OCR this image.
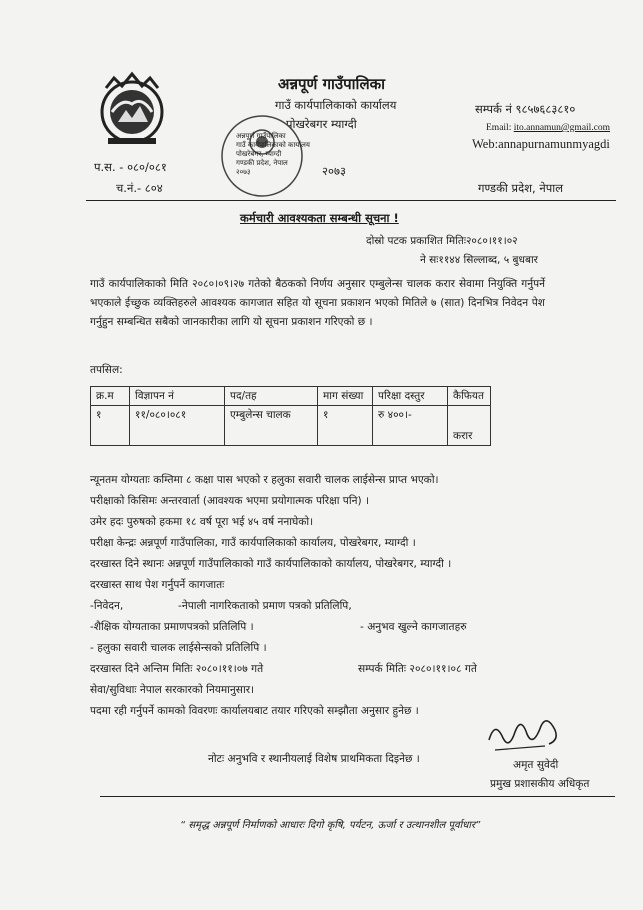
अन्नपूर्ण गाउँपालिका
गाउँ कार्यपालिकाको कार्यालय
पोखरेबगर म्याग्दी
सम्पर्क नं ९८५७६८३८१०
Email: ito.annamun@gmail.com
Web:annapurnamunmyagdi
प.स. - ०८०/०८१
च.नं.- ८०४
अन्नपूर्ण गाउँपालिका
गाउँ कार्यपालिकाको कार्यालय
पोखरेबगर, म्याग्दी
गण्डकी प्रदेश, नेपाल
२०७३	२०७३
गण्डकी प्रदेश, नेपाल
कर्मचारी आवश्यकता सम्बन्धी सूचना !
दोस्रो पटक प्रकाशित मितिः२०८०।११।०२
ने सः११४४ सिल्लाब्द, ५ बुधबार
गाउँ कार्यपालिकाको मिति २०८०।०९।२७ गतेको बैठकको निर्णय अनुसार एम्बुलेन्स चालक करार सेवामा नियुक्ति गर्नुपर्ने भएकाले ईच्छुक व्यक्तिहरुले आवश्यक कागजात सहित यो सूचना प्रकाशन भएको मितिले ७ (सात) दिनभित्र निवेदन पेश गर्नुहुन सम्बन्धित सबैको जानकारीका लागि यो सूचना प्रकाशन गरिएको छ ।
तपसिल:
क्र.म	विज्ञापन नं	पद/तह	माग संख्या	परिक्षा दस्तुर	कैफियत
१	११/०८०।०८१	एम्बुलेन्स चालक	१	रु ४००।-	करार
न्यूनतम योग्यताः कम्तिमा ८ कक्षा पास भएको र हलुका सवारी चालक लाईसेन्स प्राप्त भएको।
परीक्षाको किसिमः अन्तरवार्ता (आवश्यक भएमा प्रयोगात्मक परिक्षा पनि) ।
उमेर हदः पुरुषको हकमा १८ वर्ष पूरा भई ४५ वर्ष ननाघेको।
परीक्षा केन्द्रः अन्नपूर्ण गाउँपालिका, गाउँ कार्यपालिकाको कार्यालय, पोखरेबगर, म्याग्दी ।
दरखास्त दिने स्थानः अन्नपूर्ण गाउँपालिकाको गाउँ कार्यपालिकाको कार्यालय, पोखरेबगर, म्याग्दी ।
दरखास्त साथ पेश गर्नुपर्ने कागजातः
-निवेदन,	-नेपाली नागरिकताको प्रमाण पत्रको प्रतिलिपि,
-शैक्षिक योग्यताका प्रमाणपत्रको प्रतिलिपि ।	- अनुभव खुल्ने कागजातहरु
- हलुका सवारी चालक लाईसेन्सको प्रतिलिपि ।
दरखास्त दिने अन्तिम मितिः २०८०।११।०७ गते	सम्पर्क मितिः २०८०।११।०८ गते
सेवा/सुविधाः नेपाल सरकारको नियमानुसार।
पदमा रही गर्नुपर्ने कामको विवरणः कार्यालयबाट तयार गरिएको सम्झौता अनुसार हुनेछ ।
नोटः अनुभवि र स्थानीयलाई विशेष प्राथमिकता दिइनेछ ।	अमृत सुवेदी
प्रमुख प्रशासकीय अधिकृत
“ समृद्ध अन्नपूर्ण निर्माणको आधारः दिगो कृषि, पर्यटन, ऊर्जा र उत्थानशील पूर्वाधार”
